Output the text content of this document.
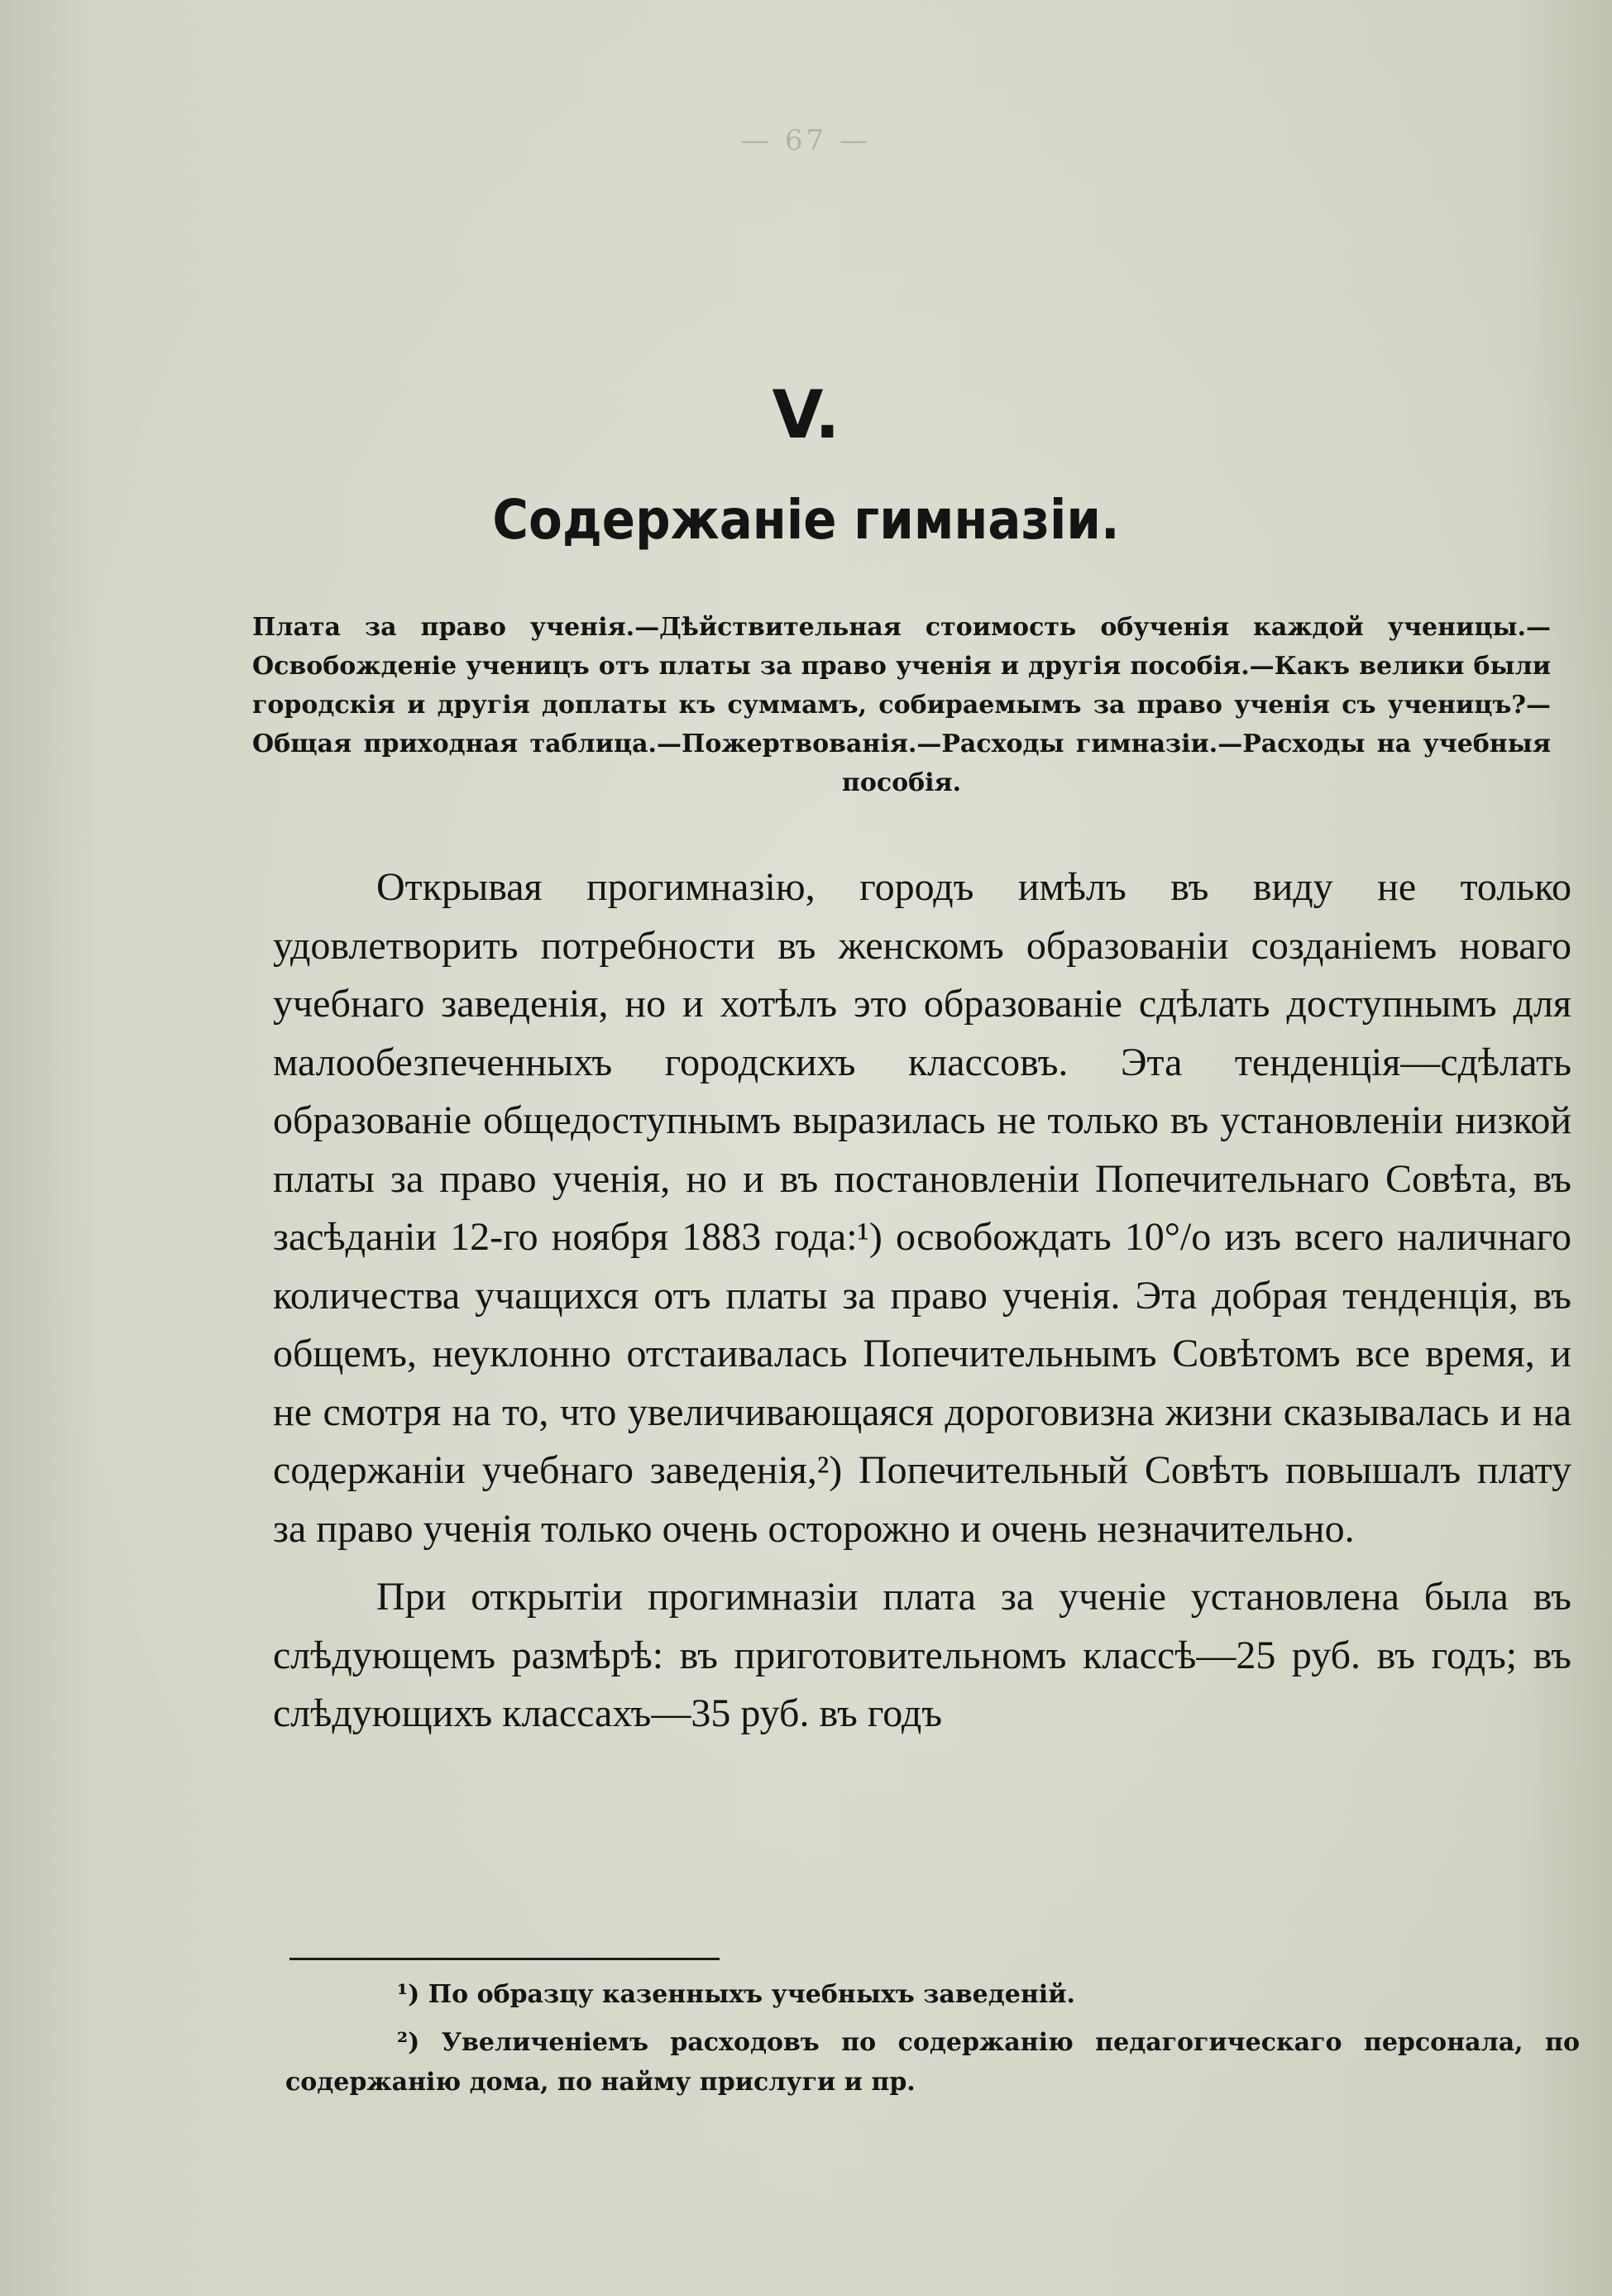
— 67 —
V.
Содержаніе гимназіи.
Плата за право ученія.—Дѣйствительная стоимость обученія каждой ученицы.—Освобожденіе ученицъ отъ платы за право ученія и другія пособія.—Какъ велики были городскія и другія доплаты къ суммамъ, собираемымъ за право ученія съ ученицъ?—Общая приходная таблица.—Пожертвованія.—Расходы гимназіи.—Расходы на учебныя пособія.

Открывая прогимназію, городъ имѣлъ въ виду не только удовлетворить потребности въ женскомъ образованіи созданіемъ новаго учебнаго заведенія, но и хотѣлъ это образованіе сдѣлать доступнымъ для малообезпеченныхъ городскихъ классовъ. Эта тенденція—сдѣлать образованіе общедоступнымъ выразилась не только въ установленіи низкой платы за право ученія, но и въ постановленіи Попечительнаго Совѣта, въ засѣданіи 12-го ноября 1883 года:¹) освобождать 10°/о изъ всего наличнаго количества учащихся отъ платы за право ученія. Эта добрая тенденція, въ общемъ, неуклонно отстаивалась Попечительнымъ Совѣтомъ все время, и не смотря на то, что увеличивающаяся дороговизна жизни сказывалась и на содержаніи учебнаго заведенія,²) Попечительный Совѣтъ повышалъ плату за право ученія только очень осторожно и очень незначительно.

При открытіи прогимназіи плата за ученіе установлена была въ слѣдующемъ размѣрѣ: въ приготовительномъ классѣ—25 руб. въ годъ; въ слѣдующихъ классахъ—35 руб. въ годъ

¹) По образцу казенныхъ учебныхъ заведеній.

²) Увеличеніемъ расходовъ по содержанію педагогическаго персонала, по содержанію дома, по найму прислуги и пр.
